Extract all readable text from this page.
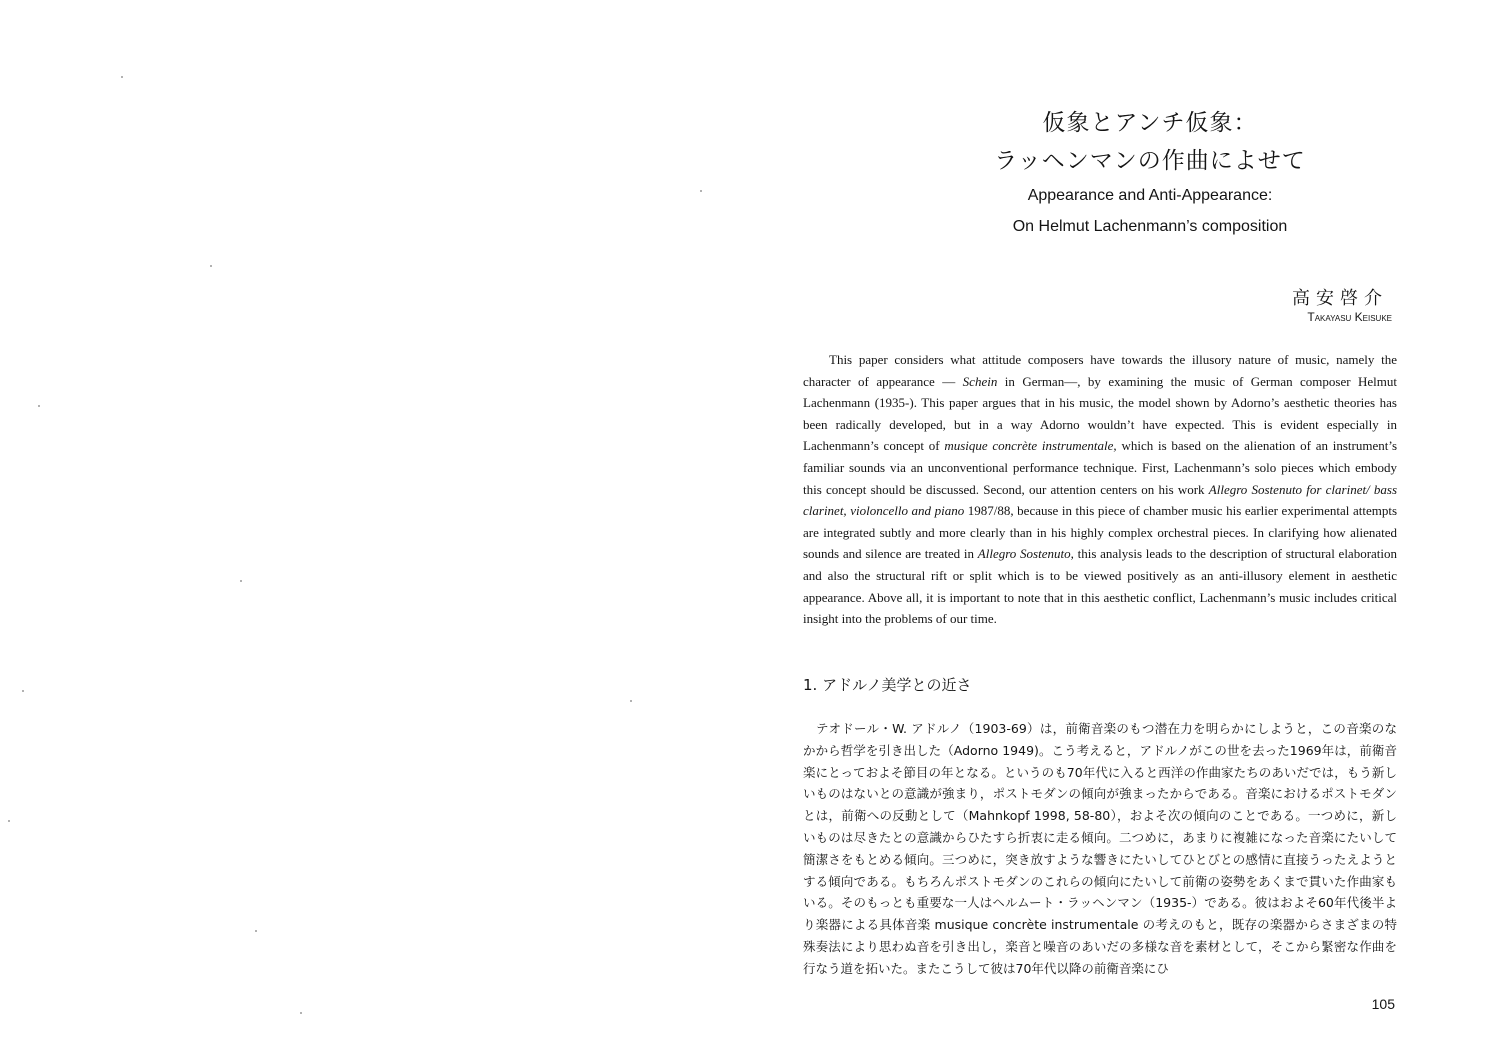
仮象とアンチ仮象：

ラッヘンマンの作曲によせて

Appearance and Anti-Appearance:

On Helmut Lachenmann’s composition

高安啓介

Takayasu Keisuke

This paper considers what attitude composers have towards the illusory nature of music, namely the character of appearance — Schein in German—, by examining the music of German composer Helmut Lachenmann (1935-). This paper argues that in his music, the model shown by Adorno’s aesthetic theories has been radically developed, but in a way Adorno wouldn’t have expected. This is evident especially in Lachenmann’s concept of musique concrète instrumentale, which is based on the alienation of an instrument’s familiar sounds via an unconventional performance technique. First, Lachenmann’s solo pieces which embody this concept should be discussed. Second, our attention centers on his work Allegro Sostenuto for clarinet/ bass clarinet, violoncello and piano 1987/88, because in this piece of chamber music his earlier experimental attempts are integrated subtly and more clearly than in his highly complex orchestral pieces. In clarifying how alienated sounds and silence are treated in Allegro Sostenuto, this analysis leads to the description of structural elaboration and also the structural rift or split which is to be viewed positively as an anti-illusory element in aesthetic appearance. Above all, it is important to note that in this aesthetic conflict, Lachenmann’s music includes critical insight into the problems of our time.

1. アドルノ美学との近さ

テオドール・W. アドルノ（1903-69）は，前衛音楽のもつ潜在力を明らかにしようと，この音楽のなかから哲学を引き出した（Adorno 1949)。こう考えると，アドルノがこの世を去った1969年は，前衛音楽にとっておよそ節目の年となる。というのも70年代に入ると西洋の作曲家たちのあいだでは，もう新しいものはないとの意識が強まり，ポストモダンの傾向が強まったからである。音楽におけるポストモダンとは，前衛への反動として（Mahnkopf 1998, 58-80），およそ次の傾向のことである。一つめに，新しいものは尽きたとの意識からひたすら折衷に走る傾向。二つめに，あまりに複雑になった音楽にたいして簡潔さをもとめる傾向。三つめに，突き放すような響きにたいしてひとびとの感情に直接うったえようとする傾向である。もちろんポストモダンのこれらの傾向にたいして前衛の姿勢をあくまで貫いた作曲家もいる。そのもっとも重要な一人はヘルムート・ラッヘンマン（1935-）である。彼はおよそ60年代後半より楽器による具体音楽 musique concrète instrumentale の考えのもと，既存の楽器からさまざまの特殊奏法により思わぬ音を引き出し，楽音と噪音のあいだの多様な音を素材として，そこから緊密な作曲を行なう道を拓いた。またこうして彼は70年代以降の前衛音楽にひ

105
